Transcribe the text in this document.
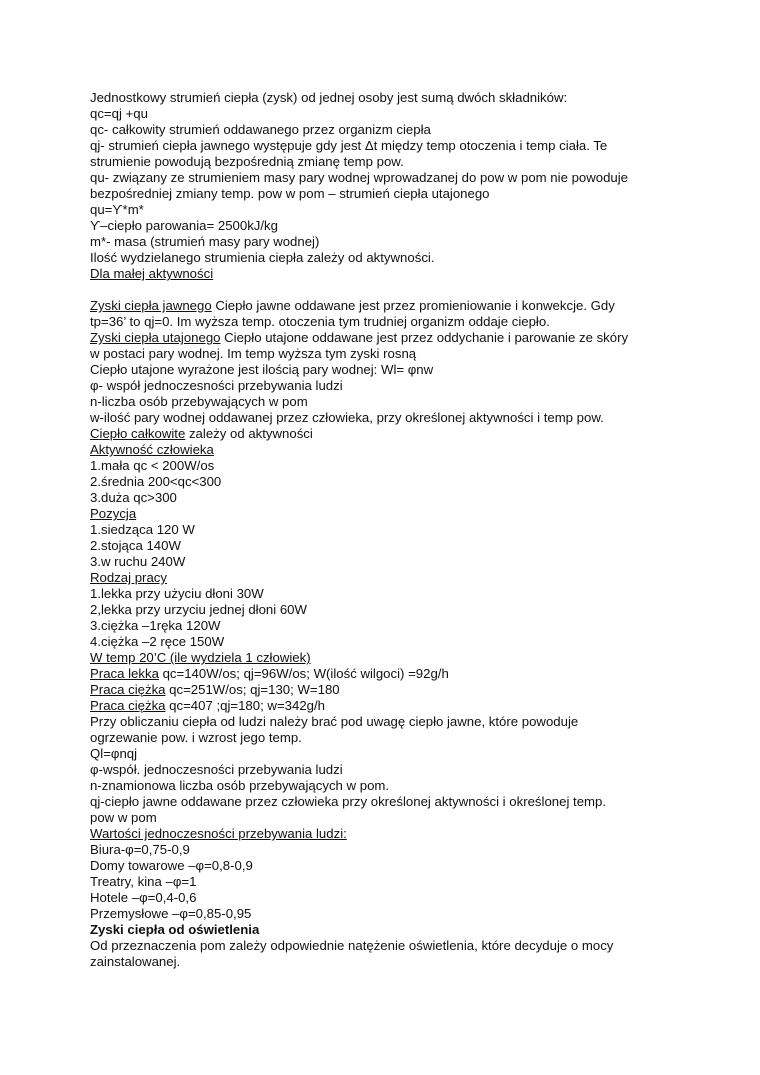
Jednostkowy strumień ciepła (zysk) od jednej osoby jest sumą dwóch składników:
qc=qj +qu
qc- całkowity strumień oddawanego przez organizm ciepła
qj- strumień ciepła jawnego występuje gdy jest Δt między temp otoczenia i temp ciała. Te
strumienie powodują bezpośrednią zmianę temp pow.
qu- związany ze strumieniem masy pary wodnej wprowadzanej do pow w pom nie powoduje
bezpośredniej zmiany temp. pow w pom – strumień ciepła utajonego
qu=ϒ*m*
ϒ–ciepło parowania= 2500kJ/kg
m*- masa (strumień masy pary wodnej)
Ilość wydzielanego strumienia ciepła zależy od aktywności.
Dla małej aktywności
Zyski ciepła jawnego Ciepło jawne oddawane jest przez promieniowanie i konwekcje. Gdy
tp=36’ to qj=0. Im wyższa temp. otoczenia tym trudniej organizm oddaje ciepło.
Zyski ciepła utajonego Ciepło utajone oddawane jest przez oddychanie i parowanie ze skóry
w postaci pary wodnej. Im temp wyższa tym zyski rosną
Ciepło utajone wyrażone jest ilością pary wodnej: Wl= φnw
φ- współ jednoczesności przebywania ludzi
n-liczba osób przebywających w pom
w-ilość pary wodnej oddawanej przez człowieka, przy określonej aktywności i temp pow.
Ciepło całkowite zależy od aktywności
Aktywność człowieka
1.mała qc < 200W/os
2.średnia 200<qc<300
3.duża qc>300
Pozycja
1.siedząca 120 W
2.stojąca 140W
3.w ruchu 240W
Rodzaj pracy
1.lekka przy użyciu dłoni 30W
2,lekka przy urzyciu jednej dłoni 60W
3.ciężka –1ręka 120W
4.ciężka –2 ręce 150W
W temp 20’C (ile wydziela 1 człowiek)
Praca lekka qc=140W/os; qj=96W/os; W(ilość wilgoci) =92g/h
Praca ciężka qc=251W/os; qj=130; W=180
Praca ciężka qc=407 ;qj=180; w=342g/h
Przy obliczaniu ciepła od ludzi należy brać pod uwagę ciepło jawne, które powoduje
ogrzewanie pow. i wzrost jego temp.
Ql=φnqj
φ-współ. jednoczesności przebywania ludzi
n-znamionowa liczba osób przebywających w pom.
qj-ciepło jawne oddawane przez człowieka przy określonej aktywności i określonej temp.
pow w pom
Wartości jednoczesności przebywania ludzi:
Biura-φ=0,75-0,9
Domy towarowe –φ=0,8-0,9
Treatry, kina –φ=1
Hotele –φ=0,4-0,6
Przemysłowe –φ=0,85-0,95
Zyski ciepła od oświetlenia
Od przeznaczenia pom zależy odpowiednie natężenie oświetlenia, które decyduje o mocy
zainstalowanej.
